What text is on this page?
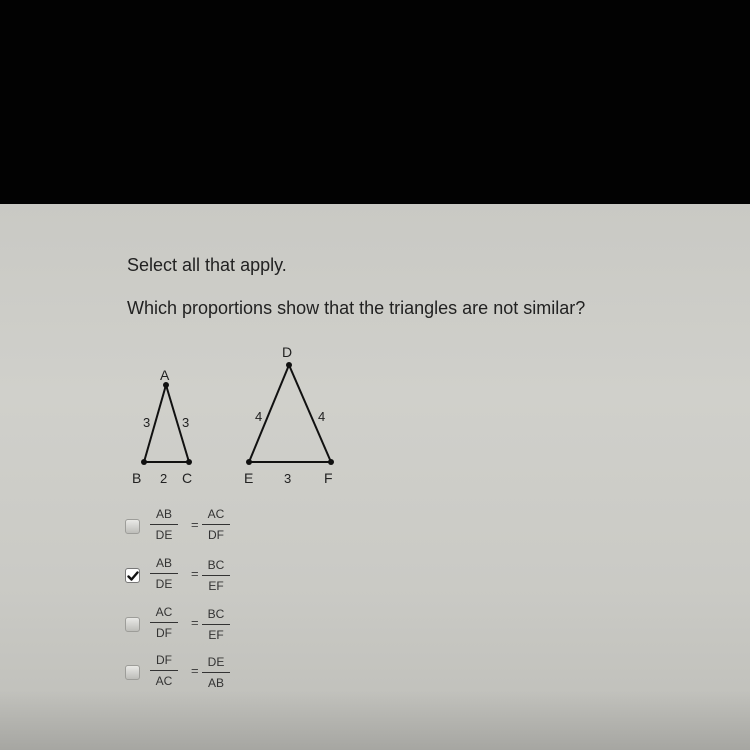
Select all that apply.
Which proportions show that the triangles are not similar?
A
B	C
3 3
2
D
E	F
4	4
3
AB
DE
=
AC
DF
AB
DE
=
BC
EF
AC
DF
=
BC
EF
DF
AC
=
DE
AB
